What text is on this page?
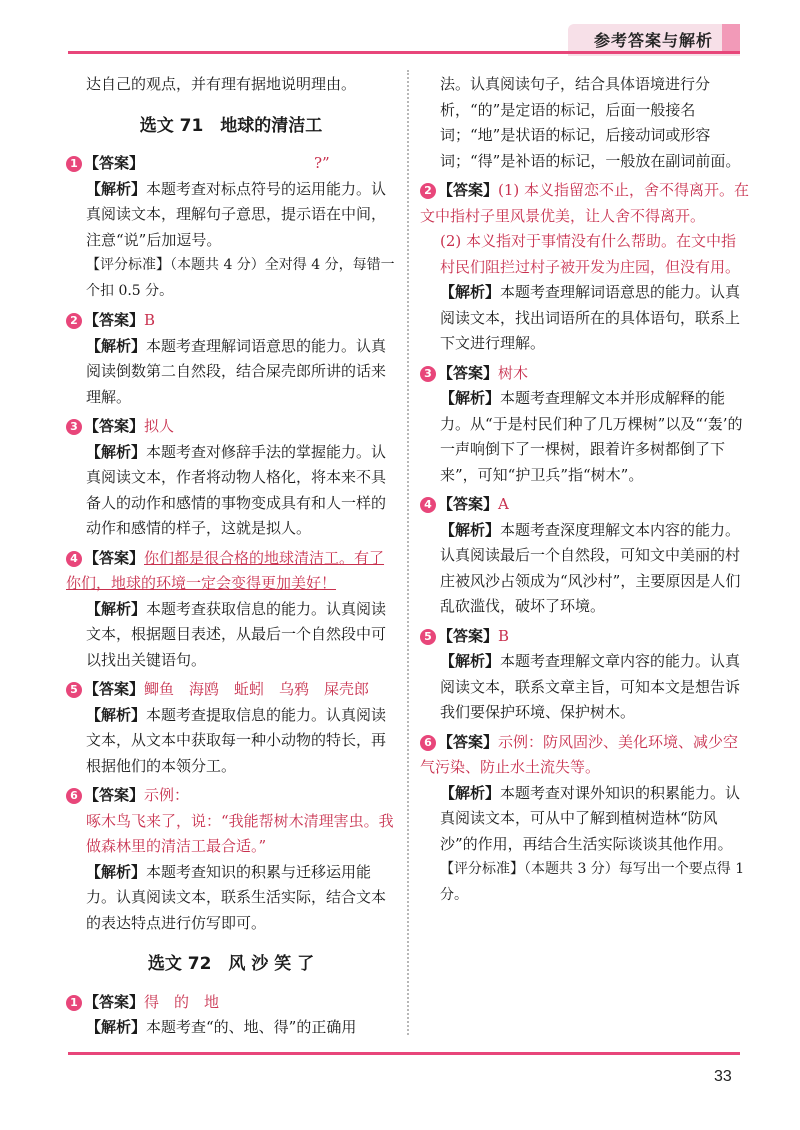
参考答案与解析

达自己的观点，并有理有据地说明理由。

选文 71　地球的清洁工

1 【答案】	?”

【解析】本题考查对标点符号的运用能力。认真阅读文本，理解句子意思，提示语在中间，注意“说”后加逗号。

【评分标准】（本题共 4 分）全对得 4 分，每错一个扣 0.5 分。

2 【答案】B

【解析】本题考查理解词语意思的能力。认真阅读倒数第二自然段，结合屎壳郎所讲的话来理解。

3 【答案】拟人

【解析】本题考查对修辞手法的掌握能力。认真阅读文本，作者将动物人格化，将本来不具备人的动作和感情的事物变成具有和人一样的动作和感情的样子，这就是拟人。

4 【答案】你们都是很合格的地球清洁工。有了你们，地球的环境一定会变得更加美好！

【解析】本题考查获取信息的能力。认真阅读文本，根据题目表述，从最后一个自然段中可以找出关键语句。

5 【答案】鲫鱼　海鸥　蚯蚓　乌鸦　屎壳郎

【解析】本题考查提取信息的能力。认真阅读文本，从文本中获取每一种小动物的特长，再根据他们的本领分工。

6 【答案】示例：

啄木鸟飞来了，说：“我能帮树木清理害虫。我做森林里的清洁工最合适。”

【解析】本题考查知识的积累与迁移运用能力。认真阅读文本，联系生活实际，结合文本的表达特点进行仿写即可。

选文 72　风 沙 笑 了

1 【答案】得　的　地

【解析】本题考查“的、地、得”的正确用

法。认真阅读句子，结合具体语境进行分析，“的”是定语的标记，后面一般接名词；“地”是状语的标记，后接动词或形容词；“得”是补语的标记，一般放在副词前面。

2 【答案】(1) 本义指留恋不止，舍不得离开。在文中指村子里风景优美，让人舍不得离开。

(2) 本义指对于事情没有什么帮助。在文中指村民们阻拦过村子被开发为庄园，但没有用。

【解析】本题考查理解词语意思的能力。认真阅读文本，找出词语所在的具体语句，联系上下文进行理解。

3 【答案】树木

【解析】本题考查理解文本并形成解释的能力。从“于是村民们种了几万棵树”以及“‘轰’的一声响倒下了一棵树，跟着许多树都倒了下来”，可知“护卫兵”指“树木”。

4 【答案】A

【解析】本题考查深度理解文本内容的能力。认真阅读最后一个自然段，可知文中美丽的村庄被风沙占领成为“风沙村”，主要原因是人们乱砍滥伐，破坏了环境。

5 【答案】B

【解析】本题考查理解文章内容的能力。认真阅读文本，联系文章主旨，可知本文是想告诉我们要保护环境、保护树木。

6 【答案】示例：防风固沙、美化环境、减少空气污染、防止水土流失等。

【解析】本题考查对课外知识的积累能力。认真阅读文本，可从中了解到植树造林“防风沙”的作用，再结合生活实际谈谈其他作用。

【评分标准】（本题共 3 分）每写出一个要点得 1 分。

33
